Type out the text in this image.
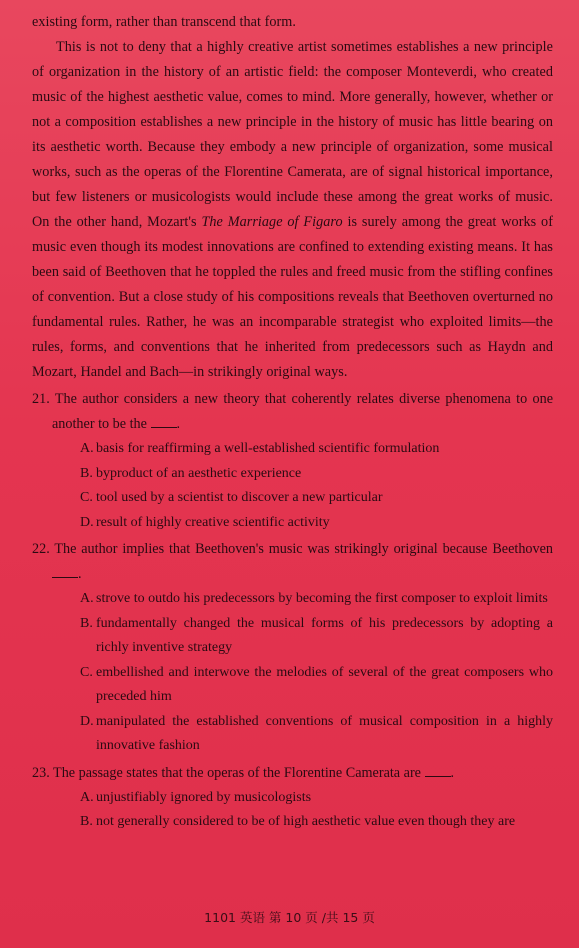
existing form, rather than transcend that form.

This is not to deny that a highly creative artist sometimes establishes a new principle of organization in the history of an artistic field: the composer Monteverdi, who created music of the highest aesthetic value, comes to mind. More generally, however, whether or not a composition establishes a new principle in the history of music has little bearing on its aesthetic worth. Because they embody a new principle of organization, some musical works, such as the operas of the Florentine Camerata, are of signal historical importance, but few listeners or musicologists would include these among the great works of music. On the other hand, Mozart's The Marriage of Figaro is surely among the great works of music even though its modest innovations are confined to extending existing means. It has been said of Beethoven that he toppled the rules and freed music from the stifling confines of convention. But a close study of his compositions reveals that Beethoven overturned no fundamental rules. Rather, he was an incomparable strategist who exploited limits—the rules, forms, and conventions that he inherited from predecessors such as Haydn and Mozart, Handel and Bach—in strikingly original ways.

21. The author considers a new theory that coherently relates diverse phenomena to one another to be the .
A. basis for reaffirming a well-established scientific formulation
B. byproduct of an aesthetic experience
C. tool used by a scientist to discover a new particular
D. result of highly creative scientific activity
22. The author implies that Beethoven's music was strikingly original because Beethoven .
A. strove to outdo his predecessors by becoming the first composer to exploit limits
B. fundamentally changed the musical forms of his predecessors by adopting a richly inventive strategy
C. embellished and interwove the melodies of several of the great composers who preceded him
D. manipulated the established conventions of musical composition in a highly innovative fashion
23. The passage states that the operas of the Florentine Camerata are .
A. unjustifiably ignored by musicologists
B. not generally considered to be of high aesthetic value even though they are
1101 英语 第 10 页 /共 15 页
